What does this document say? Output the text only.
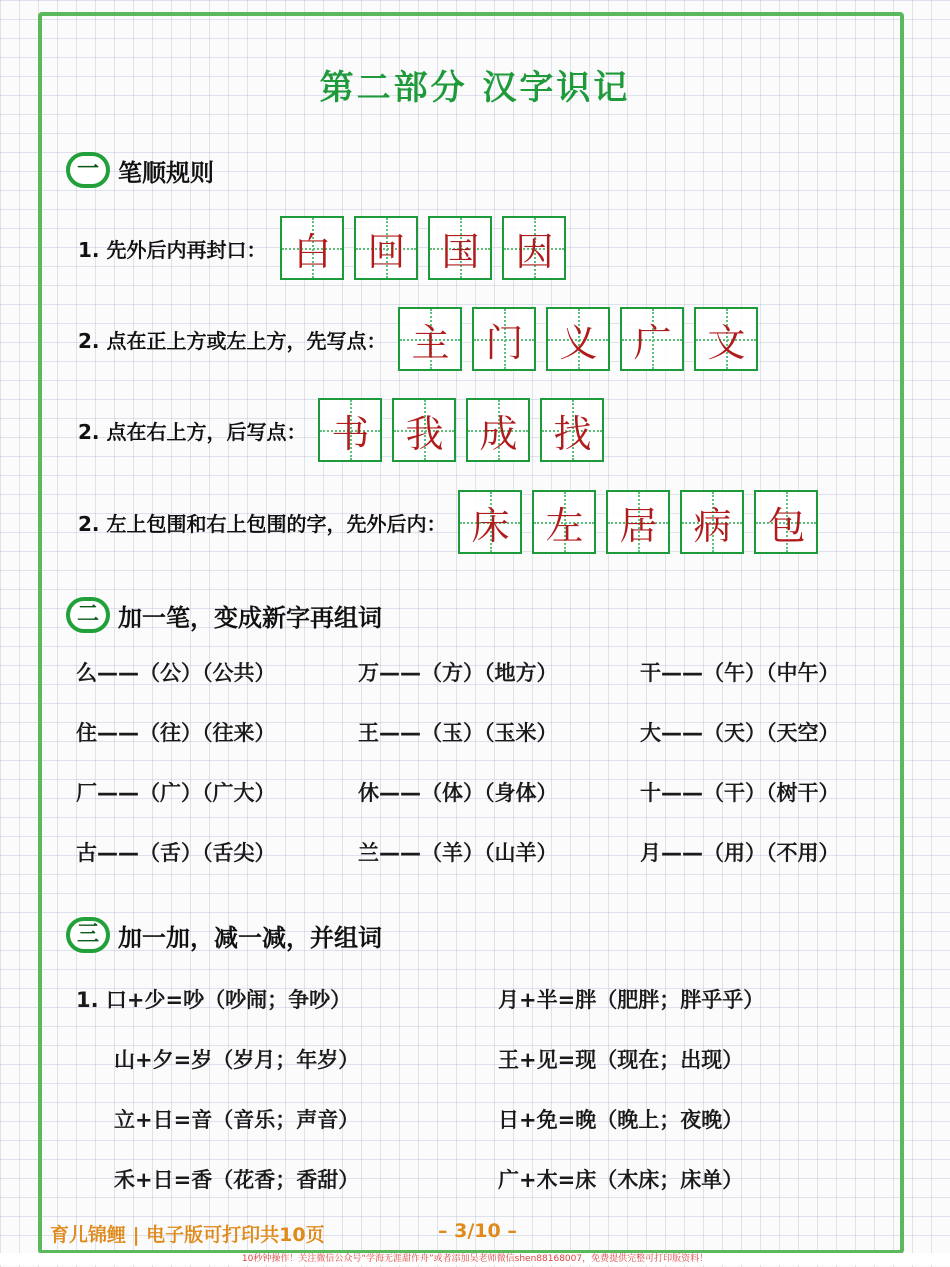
第二部分 汉字识记
一 笔顺规则
1. 先外后内再封口： 白 回 国 因
2. 点在正上方或左上方，先写点： 主 门 义 广 文
2. 点在右上方，后写点： 书 我 成 找
2. 左上包围和右上包围的字，先外后内： 床 左 居 病 包
二 加一笔，变成新字再组词
么——（公）（公共）	万——（方）（地方）	干——（午）（中午）
住——（往）（往来）	王——（玉）（玉米）	大——（天）（天空）
厂——（广）（广大）	休——（体）（身体）	十——（干）（树干）
古——（舌）（舌尖）	兰——（羊）（山羊）	月——（用）（不用）
三 加一加，减一减，并组词
1. 口+少=吵（吵闹；争吵）	月+半=胖（肥胖；胖乎乎）
山+夕=岁（岁月；年岁）	王+见=现（现在；出现）
立+日=音（音乐；声音）	日+免=晚（晚上；夜晚）
禾+日=香（花香；香甜）	广+木=床（木床；床单）
育儿锦鲤 | 电子版可打印共10页	– 3/10 –
10秒钟操作！关注微信公众号“学海无涯甜作舟”或者添加吴老师微信shen88168007，免费提供完整可打印版资料！
